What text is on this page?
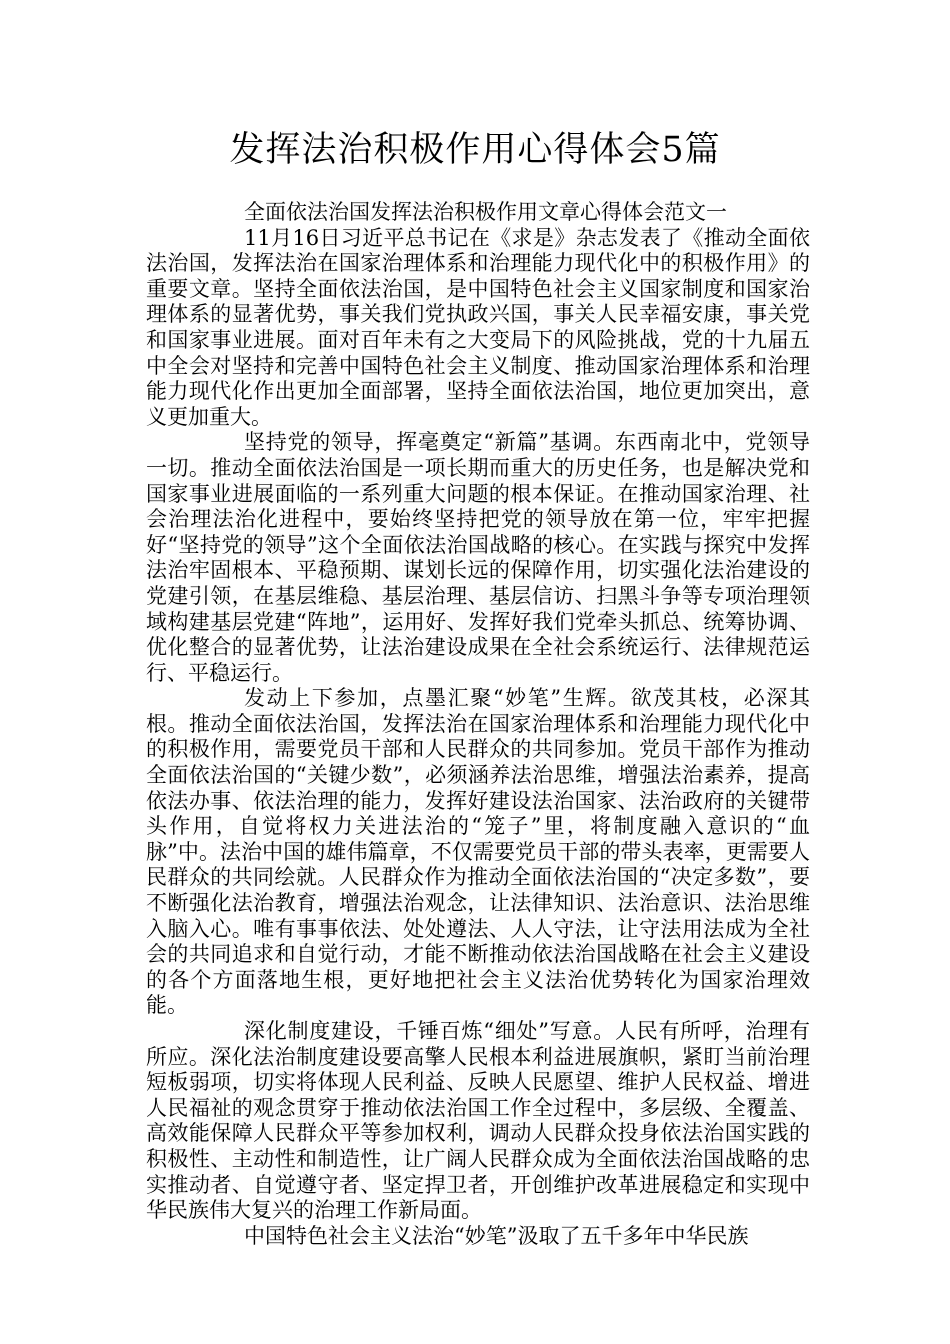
发挥法治积极作用心得体会5篇

全面依法治国发挥法治积极作用文章心得体会范文一

11月16日习近平总书记在《求是》杂志发表了《推动全面依法治国，发挥法治在国家治理体系和治理能力现代化中的积极作用》的重要文章。坚持全面依法治国，是中国特色社会主义国家制度和国家治理体系的显著优势，事关我们党执政兴国，事关人民幸福安康，事关党和国家事业进展。面对百年未有之大变局下的风险挑战，党的十九届五中全会对坚持和完善中国特色社会主义制度、推动国家治理体系和治理能力现代化作出更加全面部署，坚持全面依法治国，地位更加突出，意义更加重大。

坚持党的领导，挥毫奠定“新篇”基调。东西南北中，党领导一切。推动全面依法治国是一项长期而重大的历史任务，也是解决党和国家事业进展面临的一系列重大问题的根本保证。在推动国家治理、社会治理法治化进程中，要始终坚持把党的领导放在第一位，牢牢把握好“坚持党的领导”这个全面依法治国战略的核心。在实践与探究中发挥法治牢固根本、平稳预期、谋划长远的保障作用，切实强化法治建设的党建引领，在基层维稳、基层治理、基层信访、扫黑斗争等专项治理领域构建基层党建“阵地”，运用好、发挥好我们党牵头抓总、统筹协调、优化整合的显著优势，让法治建设成果在全社会系统运行、法律规范运行、平稳运行。

发动上下参加，点墨汇聚“妙笔”生辉。欲茂其枝，必深其根。推动全面依法治国，发挥法治在国家治理体系和治理能力现代化中的积极作用，需要党员干部和人民群众的共同参加。党员干部作为推动全面依法治国的“关键少数”，必须涵养法治思维，增强法治素养，提高依法办事、依法治理的能力，发挥好建设法治国家、法治政府的关键带头作用，自觉将权力关进法治的“笼子”里，将制度融入意识的“血脉”中。法治中国的雄伟篇章，不仅需要党员干部的带头表率，更需要人民群众的共同绘就。人民群众作为推动全面依法治国的“决定多数”，要不断强化法治教育，增强法治观念，让法律知识、法治意识、法治思维入脑入心。唯有事事依法、处处遵法、人人守法，让守法用法成为全社会的共同追求和自觉行动，才能不断推动依法治国战略在社会主义建设的各个方面落地生根，更好地把社会主义法治优势转化为国家治理效能。

深化制度建设，千锤百炼“细处”写意。人民有所呼，治理有所应。深化法治制度建设要高擎人民根本利益进展旗帜，紧盯当前治理短板弱项，切实将体现人民利益、反映人民愿望、维护人民权益、增进人民福祉的观念贯穿于推动依法治国工作全过程中，多层级、全覆盖、高效能保障人民群众平等参加权利，调动人民群众投身依法治国实践的积极性、主动性和制造性，让广阔人民群众成为全面依法治国战略的忠实推动者、自觉遵守者、坚定捍卫者，开创维护改革进展稳定和实现中华民族伟大复兴的治理工作新局面。

中国特色社会主义法治“妙笔”汲取了五千多年中华民族
